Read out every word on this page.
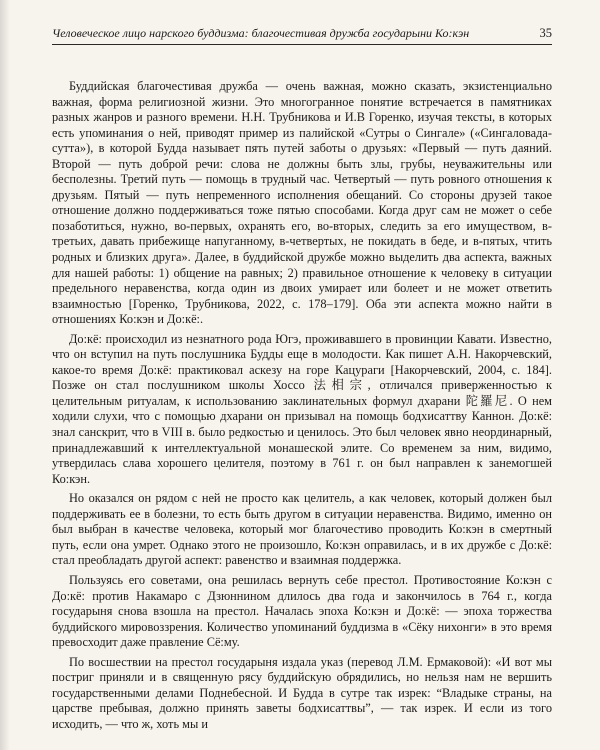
Человеческое лицо нарского буддизма: благочестивая дружба государыни Ко:кэн	35

Буддийская благочестивая дружба — очень важная, можно сказать, экзистенциально важная, форма религиозной жизни. Это многогранное понятие встречается в памятниках разных жанров и разного времени. Н.Н. Трубникова и И.В Горенко, изучая тексты, в которых есть упоминания о ней, приводят пример из палийской «Сутры о Сингале» («Сингаловада-сутта»), в которой Будда называет пять путей заботы о друзьях: «Первый — путь даяний. Второй — путь доброй речи: слова не должны быть злы, грубы, неуважительны или бесполезны. Третий путь — помощь в трудный час. Четвертый — путь ровного отношения к друзьям. Пятый — путь непременного исполнения обещаний. Со стороны друзей такое отношение должно поддерживаться тоже пятью способами. Когда друг сам не может о себе позаботиться, нужно, во-первых, охранять его, во-вторых, следить за его имуществом, в-третьих, давать прибежище напуганному, в-четвертых, не покидать в беде, и в-пятых, чтить родных и близких друга». Далее, в буддийской дружбе можно выделить два аспекта, важных для нашей работы: 1) общение на равных; 2) правильное отношение к человеку в ситуации предельного неравенства, когда один из двоих умирает или болеет и не может ответить взаимностью [Горенко, Трубникова, 2022, с. 178–179]. Оба эти аспекта можно найти в отношениях Ко:кэн и До:кё:.

До:кё: происходил из незнатного рода Югэ, проживавшего в провинции Кавати. Известно, что он вступил на путь послушника Будды еще в молодости. Как пишет А.Н. Накорчевский, какое-то время До:кё: практиковал аскезу на горе Кацураги [Накорчевский, 2004, с. 184]. Позже он стал послушником школы Хоссо 法相宗, отличался приверженностью к целительным ритуалам, к использованию заклинательных формул дхарани 陀羅尼. О нем ходили слухи, что с помощью дхарани он призывал на помощь бодхисаттву Каннон. До:кё: знал санскрит, что в VIII в. было редкостью и ценилось. Это был человек явно неординарный, принадлежавший к интеллектуальной монашеской элите. Со временем за ним, видимо, утвердилась слава хорошего целителя, поэтому в 761 г. он был направлен к занемогшей Ко:кэн.

Но оказался он рядом с ней не просто как целитель, а как человек, который должен был поддерживать ее в болезни, то есть быть другом в ситуации неравенства. Видимо, именно он был выбран в качестве человека, который мог благочестиво проводить Ко:кэн в смертный путь, если она умрет. Однако этого не произошло, Ко:кэн оправилась, и в их дружбе с До:кё: стал преобладать другой аспект: равенство и взаимная поддержка.

Пользуясь его советами, она решилась вернуть себе престол. Противостояние Ко:кэн с До:кё: против Накамаро с Дзюннином длилось два года и закончилось в 764 г., когда государыня снова взошла на престол. Началась эпоха Ко:кэн и До:кё: — эпоха торжества буддийского мировоззрения. Количество упоминаний буддизма в «Сёку нихонги» в это время превосходит даже правление Сё:му.

По восшествии на престол государыня издала указ (перевод Л.М. Ермаковой): «И вот мы постриг приняли и в священную рясу буддийскую обрядились, но нельзя нам не вершить государственными делами Поднебесной. И Будда в сутре так изрек: “Владыке страны, на царстве пребывая, должно принять заветы бодхисаттвы”, — так изрек. И если из того исходить, — что ж, хоть мы и
